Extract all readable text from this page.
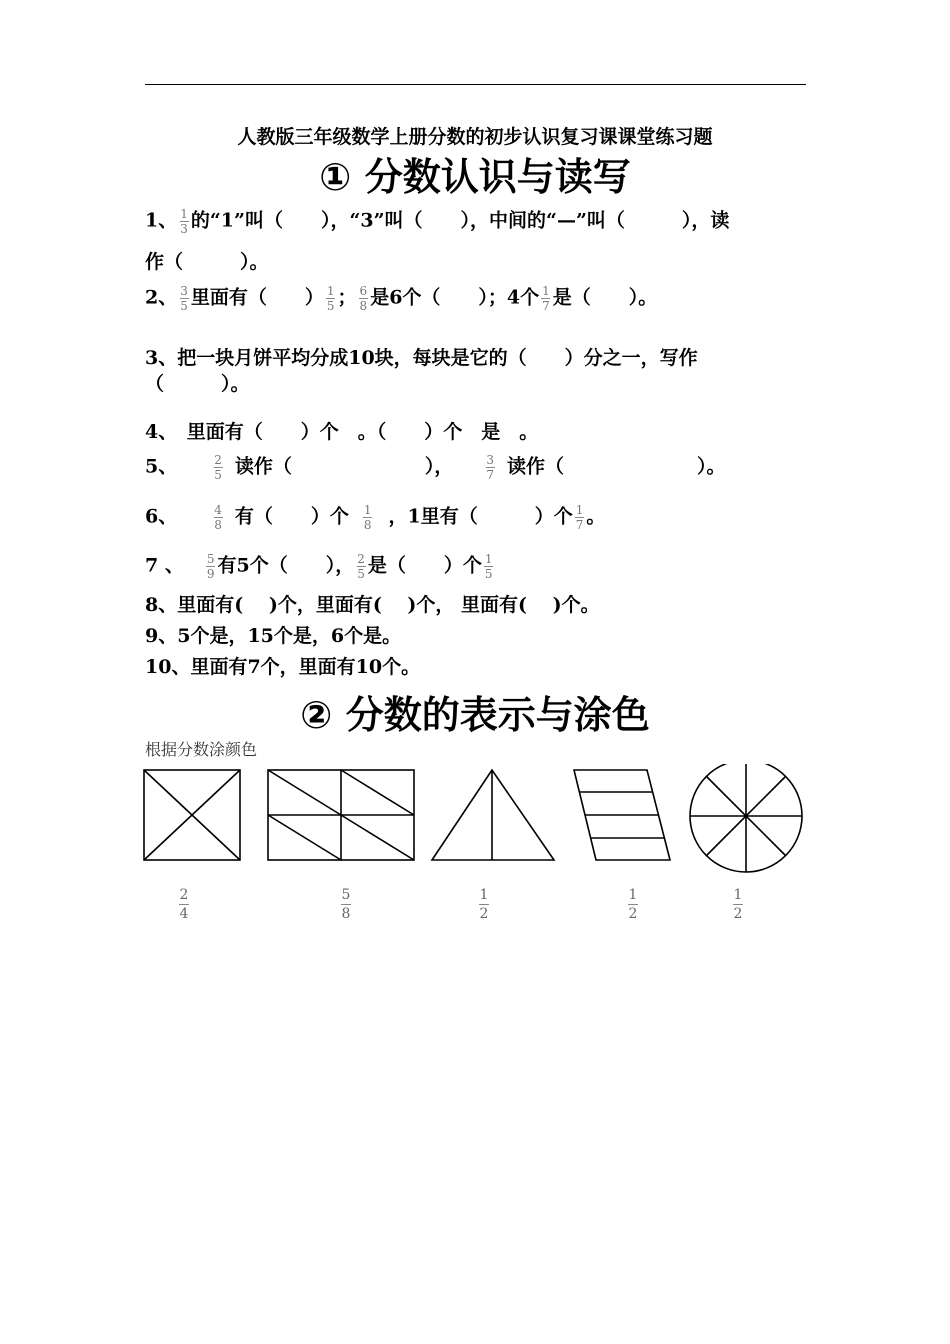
人教版三年级数学上册分数的初步认识复习课课堂练习题
① 分数认识与读写
1、 $\frac{1}{3}$ 的“1”叫（　　），“3”叫（　　），中间的“—”叫（　　　），读
作（　　　）。
2、 $\frac{3}{5}$ 里面有（　　） $\frac{1}{5}$ ； $\frac{6}{8}$ 是6个（　　）；4个 $\frac{1}{7}$ 是（　　）。
3、把一块月饼平均分成10块，每块是它的（　　）分之一，写作
（　　　）。
4、　里面有（　　）个　。（　　）个　是　。
5、	$\frac{2}{5}$ 读作（　　　　　　　），	$\frac{3}{7}$ 读作（　　　　　　　）。
6、	$\frac{4}{8}$ 有（　　）个 $\frac{1}{8}$ ，1里有（　　　）个 $\frac{1}{7}$ 。
7 、 $\frac{5}{9}$ 有5个（　　）， $\frac{2}{5}$ 是（　　）个 $\frac{1}{5}$
8、里面有(　 )个，里面有(　 )个， 里面有(　 )个。
9、5个是，15个是，6个是。
10、里面有7个，里面有10个。
② 分数的表示与涂色
根据分数涂颜色
2
4
5
8
1
2
1
2
1
2
